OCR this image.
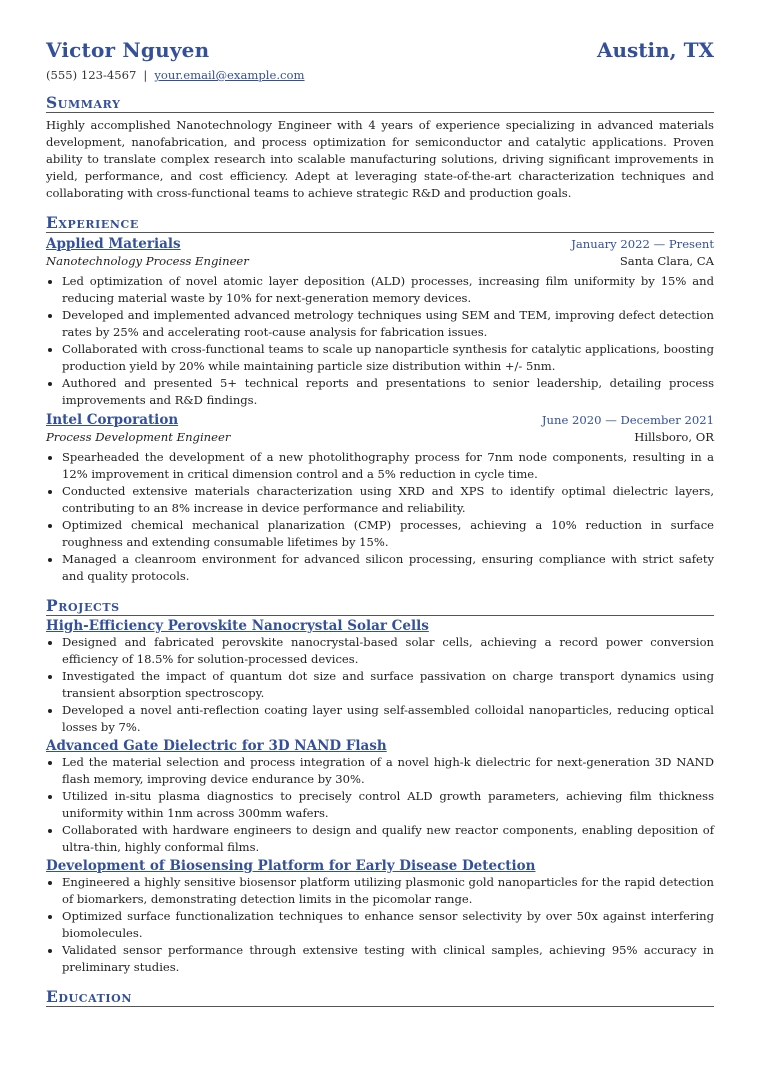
Victor Nguyen	Austin, TX
(555) 123-4567 | your.email@example.com
Summary
Highly accomplished Nanotechnology Engineer with 4 years of experience specializing in advanced materials development, nanofabrication, and process optimization for semiconductor and catalytic applications. Proven ability to translate complex research into scalable manufacturing solutions, driving significant improvements in yield, performance, and cost efficiency. Adept at leveraging state-of-the-art characterization techniques and collaborating with cross-functional teams to achieve strategic R&D and production goals.
Experience
Applied Materials	January 2022 — Present
Nanotechnology Process Engineer	Santa Clara, CA
• Led optimization of novel atomic layer deposition (ALD) processes, increasing film uniformity by 15% and reducing material waste by 10% for next-generation memory devices.
• Developed and implemented advanced metrology techniques using SEM and TEM, improving defect detection rates by 25% and accelerating root-cause analysis for fabrication issues.
• Collaborated with cross-functional teams to scale up nanoparticle synthesis for catalytic applications, boosting production yield by 20% while maintaining particle size distribution within +/- 5nm.
• Authored and presented 5+ technical reports and presentations to senior leadership, detailing process improvements and R&D findings.
Intel Corporation	June 2020 — December 2021
Process Development Engineer	Hillsboro, OR
• Spearheaded the development of a new photolithography process for 7nm node components, resulting in a 12% improvement in critical dimension control and a 5% reduction in cycle time.
• Conducted extensive materials characterization using XRD and XPS to identify optimal dielectric layers, contributing to an 8% increase in device performance and reliability.
• Optimized chemical mechanical planarization (CMP) processes, achieving a 10% reduction in surface roughness and extending consumable lifetimes by 15%.
• Managed a cleanroom environment for advanced silicon processing, ensuring compliance with strict safety and quality protocols.
Projects
High-Efficiency Perovskite Nanocrystal Solar Cells
• Designed and fabricated perovskite nanocrystal-based solar cells, achieving a record power conversion efficiency of 18.5% for solution-processed devices.
• Investigated the impact of quantum dot size and surface passivation on charge transport dynamics using transient absorption spectroscopy.
• Developed a novel anti-reflection coating layer using self-assembled colloidal nanoparticles, reducing optical losses by 7%.
Advanced Gate Dielectric for 3D NAND Flash
• Led the material selection and process integration of a novel high-k dielectric for next-generation 3D NAND flash memory, improving device endurance by 30%.
• Utilized in-situ plasma diagnostics to precisely control ALD growth parameters, achieving film thickness uniformity within 1nm across 300mm wafers.
• Collaborated with hardware engineers to design and qualify new reactor components, enabling deposition of ultra-thin, highly conformal films.
Development of Biosensing Platform for Early Disease Detection
• Engineered a highly sensitive biosensor platform utilizing plasmonic gold nanoparticles for the rapid detection of biomarkers, demonstrating detection limits in the picomolar range.
• Optimized surface functionalization techniques to enhance sensor selectivity by over 50x against interfering biomolecules.
• Validated sensor performance through extensive testing with clinical samples, achieving 95% accuracy in preliminary studies.
Education
